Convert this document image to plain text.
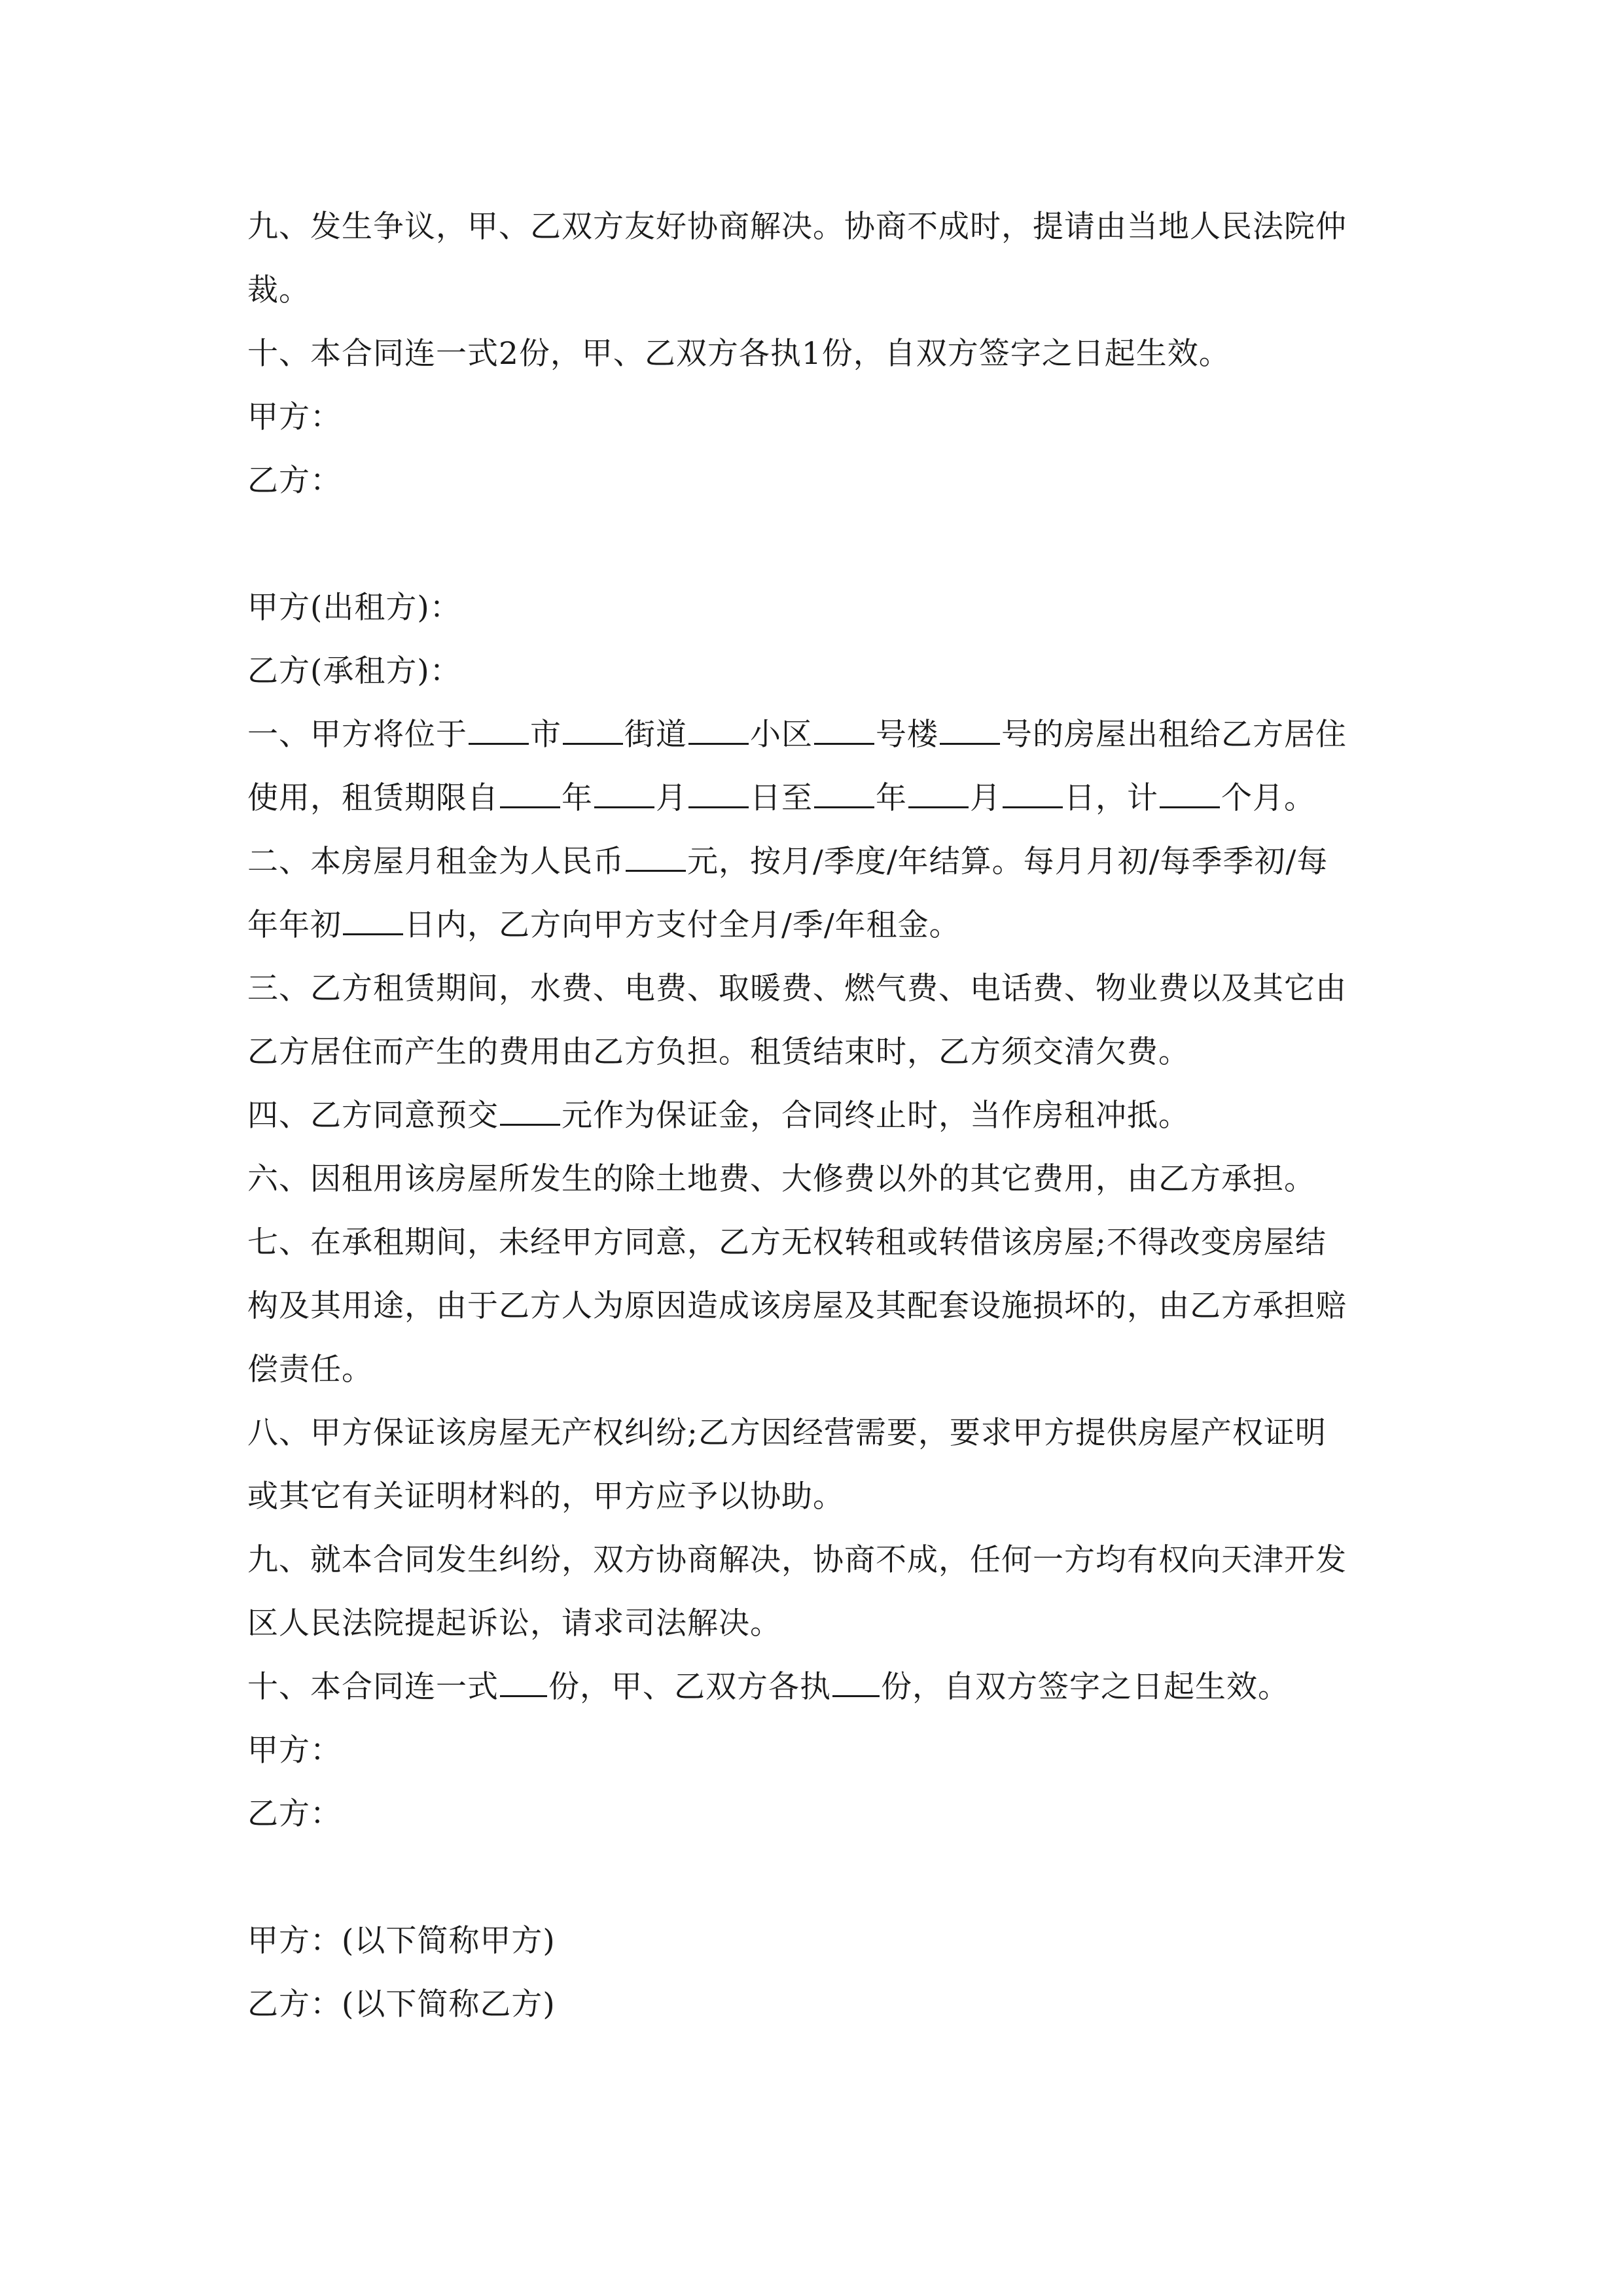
九、发生争议，甲、乙双方友好协商解决。协商不成时，提请由当地人民法院仲
裁。
十、本合同连一式2份，甲、乙双方各执1份，自双方签字之日起生效。
甲方：
乙方：
甲方(出租方)：
乙方(承租方)：
一、甲方将位于 市 街道 小区 号楼 号的房屋出租给乙方居住
使用，租赁期限自 年 月 日至 年 月 日，计 个月。
二、本房屋月租金为人民币 元，按月/季度/年结算。每月月初/每季季初/每
年年初 日内，乙方向甲方支付全月/季/年租金。
三、乙方租赁期间，水费、电费、取暖费、燃气费、电话费、物业费以及其它由
乙方居住而产生的费用由乙方负担。租赁结束时，乙方须交清欠费。
四、乙方同意预交 元作为保证金，合同终止时，当作房租冲抵。
六、因租用该房屋所发生的除土地费、大修费以外的其它费用，由乙方承担。
七、在承租期间，未经甲方同意，乙方无权转租或转借该房屋;不得改变房屋结
构及其用途，由于乙方人为原因造成该房屋及其配套设施损坏的，由乙方承担赔
偿责任。
八、甲方保证该房屋无产权纠纷;乙方因经营需要，要求甲方提供房屋产权证明
或其它有关证明材料的，甲方应予以协助。
九、就本合同发生纠纷，双方协商解决，协商不成，任何一方均有权向天津开发
区人民法院提起诉讼，请求司法解决。
十、本合同连一式 份，甲、乙双方各执 份，自双方签字之日起生效。
甲方：
乙方：
甲方：(以下简称甲方)
乙方：(以下简称乙方)
